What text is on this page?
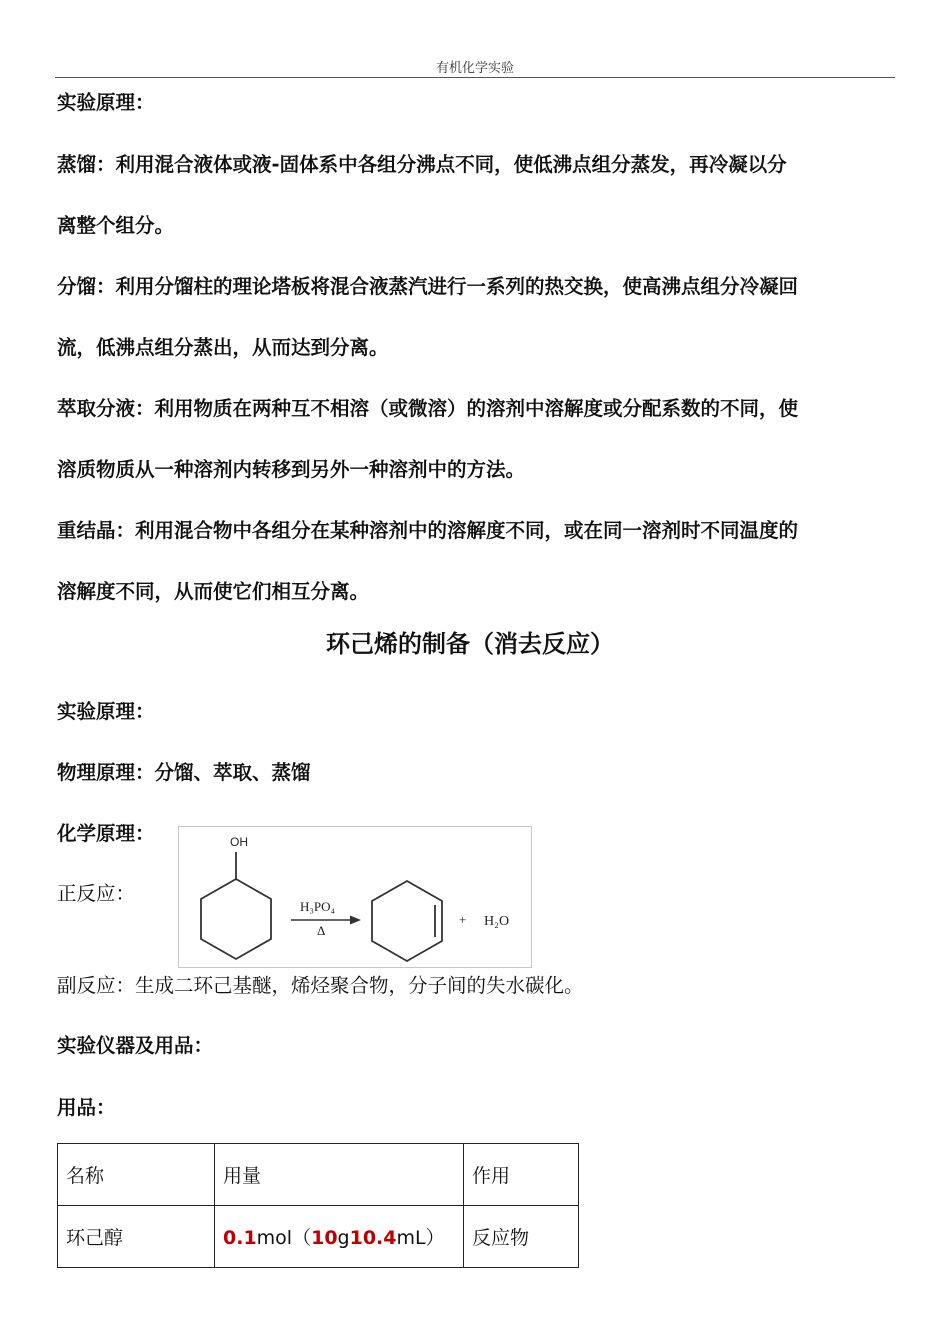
有机化学实验
实验原理：
蒸馏：利用混合液体或液-固体系中各组分沸点不同，使低沸点组分蒸发，再冷凝以分
离整个组分。
分馏：利用分馏柱的理论塔板将混合液蒸汽进行一系列的热交换，使高沸点组分冷凝回
流，低沸点组分蒸出，从而达到分离。
萃取分液：利用物质在两种互不相溶（或微溶）的溶剂中溶解度或分配系数的不同，使
溶质物质从一种溶剂内转移到另外一种溶剂中的方法。
重结晶：利用混合物中各组分在某种溶剂中的溶解度不同，或在同一溶剂时不同温度的
溶解度不同，从而使它们相互分离。
环己烯的制备（消去反应）
实验原理：
物理原理：分馏、萃取、蒸馏
化学原理：
正反应：
OH
H₃PO₄
Δ
+ H₂O
副反应：生成二环己基醚，烯烃聚合物，分子间的失水碳化。
实验仪器及用品：
用品：
名称	用量	作用
环己醇	0.1mol（10g10.4mL）	反应物
